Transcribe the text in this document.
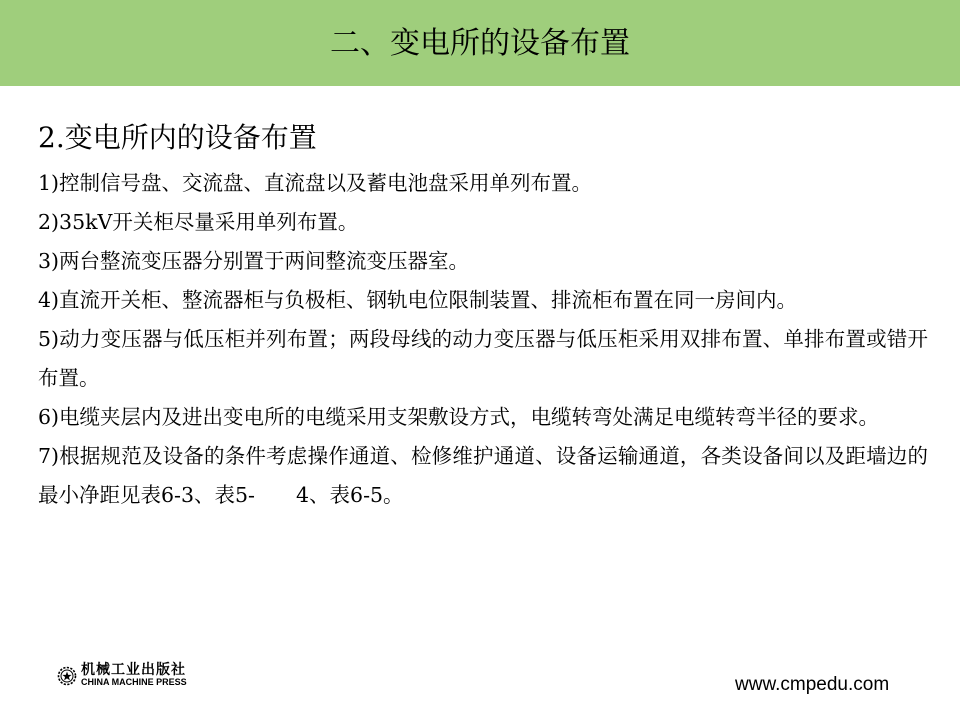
二、变电所的设备布置
2.变电所内的设备布置

1)控制信号盘、交流盘、直流盘以及蓄电池盘采用单列布置。

2)35kV开关柜尽量采用单列布置。

3)两台整流变压器分别置于两间整流变压器室。

4)直流开关柜、整流器柜与负极柜、钢轨电位限制装置、排流柜布置在同一房间内。

5)动力变压器与低压柜并列布置；两段母线的动力变压器与低压柜采用双排布置、单排布置或错开布置。

6)电缆夹层内及进出变电所的电缆采用支架敷设方式，电缆转弯处满足电缆转弯半径的要求。

7)根据规范及设备的条件考虑操作通道、检修维护通道、设备运输通道，各类设备间以及距墙边的最小净距见表6-3、表5-　　4、表6-5。

机械工业出版社
CHINA MACHINE PRESS	www.cmpedu.com
